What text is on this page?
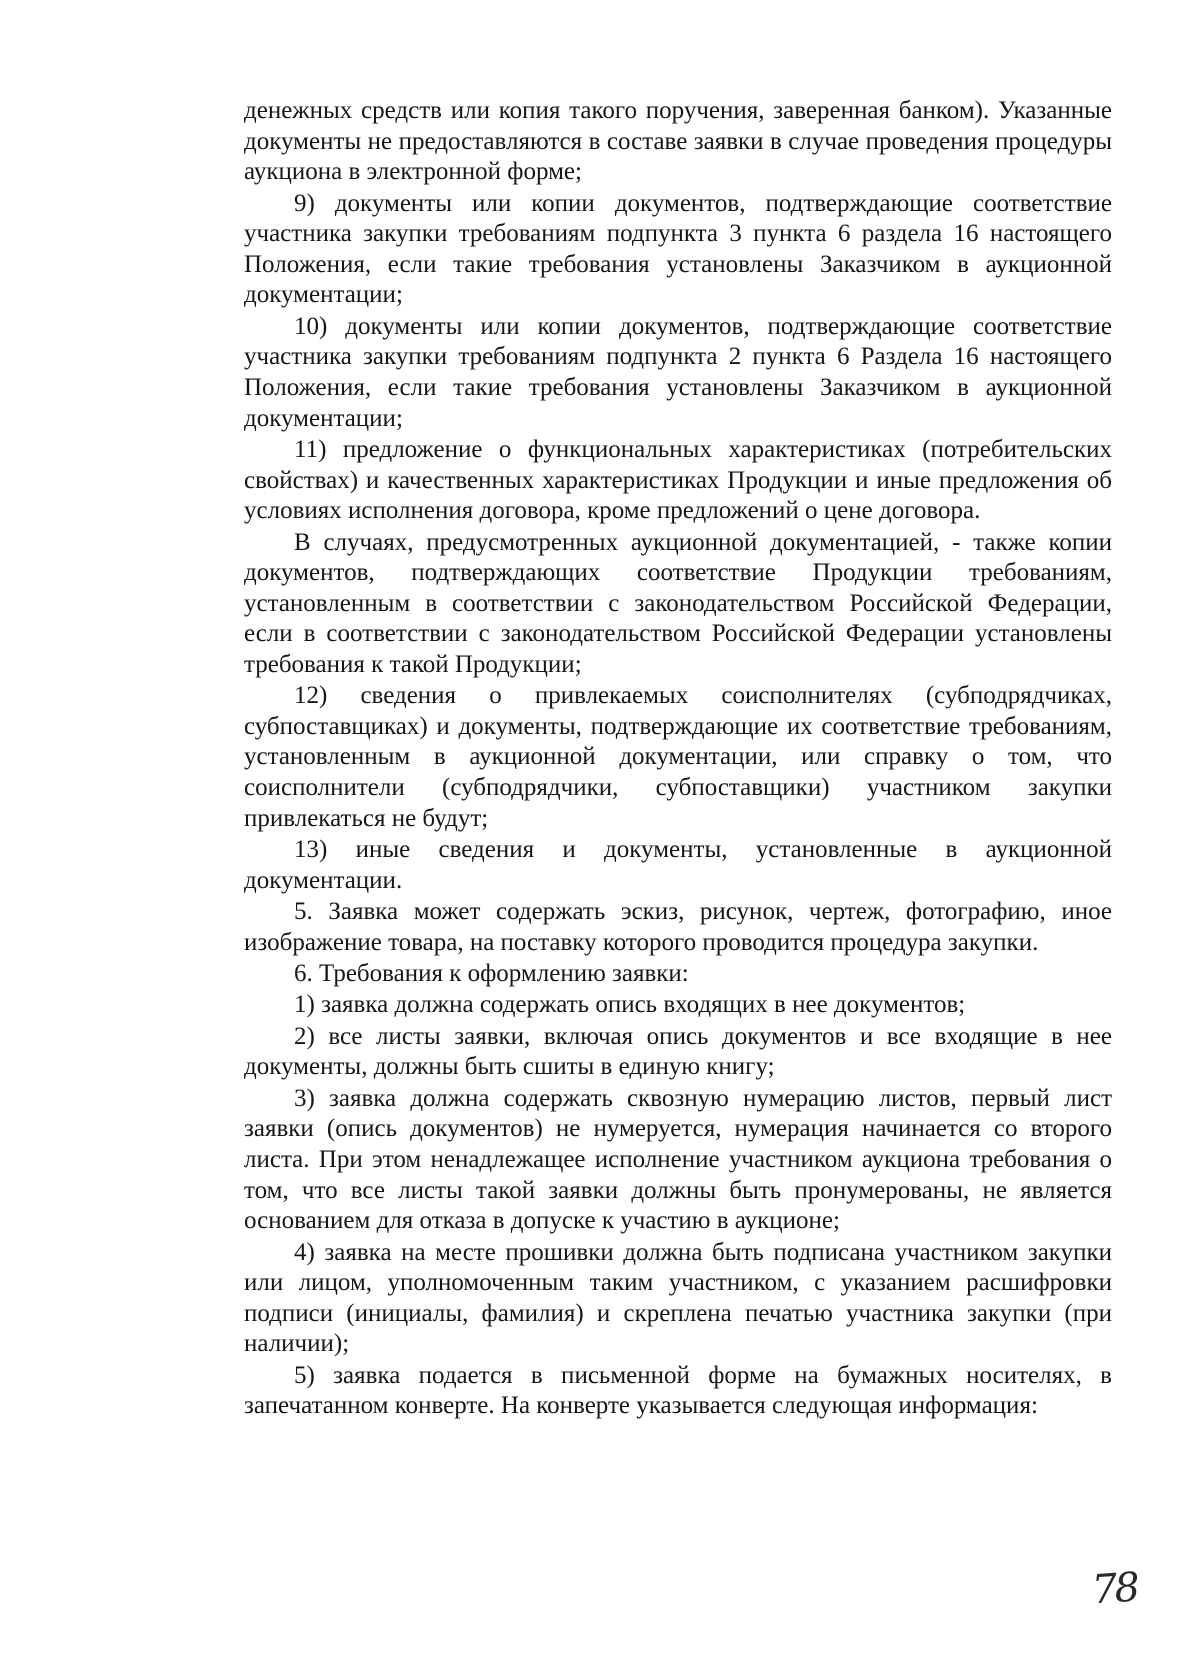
денежных средств или копия такого поручения, заверенная банком). Указанные документы не предоставляются в составе заявки в случае проведения процедуры аукциона в электронной форме;

9) документы или копии документов, подтверждающие соответствие участника закупки требованиям подпункта 3 пункта 6 раздела 16 настоящего Положения, если такие требования установлены Заказчиком в аукционной документации;

10) документы или копии документов, подтверждающие соответствие участника закупки требованиям подпункта 2 пункта 6 Раздела 16 настоящего Положения, если такие требования установлены Заказчиком в аукционной документации;

11) предложение о функциональных характеристиках (потребительских свойствах) и качественных характеристиках Продукции и иные предложения об условиях исполнения договора, кроме предложений о цене договора.

В случаях, предусмотренных аукционной документацией, - также копии документов, подтверждающих соответствие Продукции требованиям, установленным в соответствии с законодательством Российской Федерации, если в соответствии с законодательством Российской Федерации установлены требования к такой Продукции;

12) сведения о привлекаемых соисполнителях (субподрядчиках, субпоставщиках) и документы, подтверждающие их соответствие требованиям, установленным в аукционной документации, или справку о том, что соисполнители (субподрядчики, субпоставщики) участником закупки привлекаться не будут;

13) иные сведения и документы, установленные в аукционной документации.

5. Заявка может содержать эскиз, рисунок, чертеж, фотографию, иное изображение товара, на поставку которого проводится процедура закупки.

6. Требования к оформлению заявки:

1) заявка должна содержать опись входящих в нее документов;

2) все листы заявки, включая опись документов и все входящие в нее документы, должны быть сшиты в единую книгу;

3) заявка должна содержать сквозную нумерацию листов, первый лист заявки (опись документов) не нумеруется, нумерация начинается со второго листа. При этом ненадлежащее исполнение участником аукциона требования о том, что все листы такой заявки должны быть пронумерованы, не является основанием для отказа в допуске к участию в аукционе;

4) заявка на месте прошивки должна быть подписана участником закупки или лицом, уполномоченным таким участником, с указанием расшифровки подписи (инициалы, фамилия) и скреплена печатью участника закупки (при наличии);

5) заявка подается в письменной форме на бумажных носителях, в запечатанном конверте. На конверте указывается следующая информация:

78
